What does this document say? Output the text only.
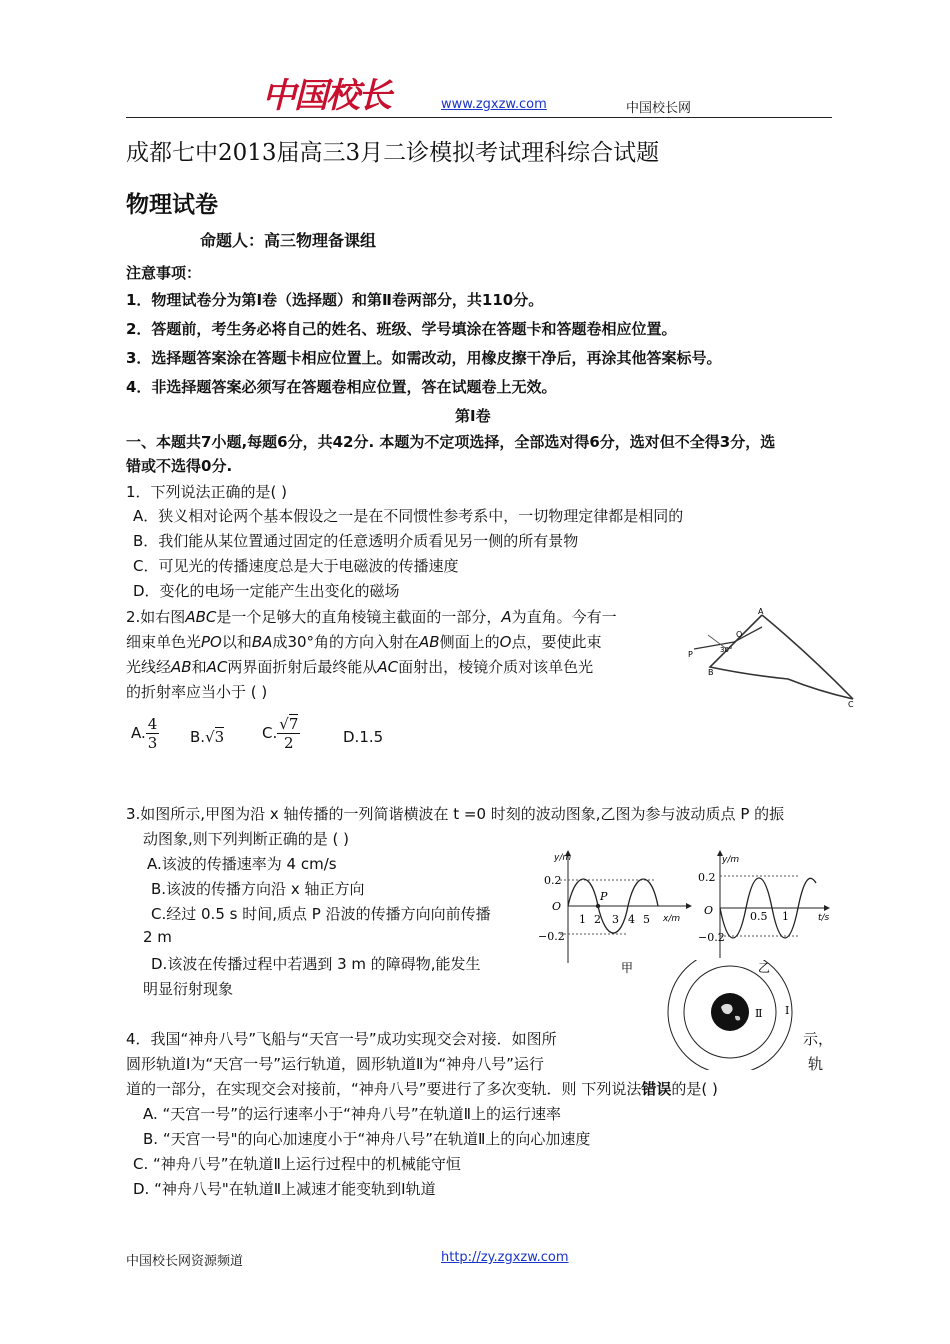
中国校长	www.zgxzw.com	中国校长网
成都七中2013届高三3月二诊模拟考试理科综合试题
物理试卷
命题人：高三物理备课组
注意事项：
1．物理试卷分为第Ⅰ卷（选择题）和第Ⅱ卷两部分，共110分。
2．答题前，考生务必将自己的姓名、班级、学号填涂在答题卡和答题卷相应位置。
3．选择题答案涂在答题卡相应位置上。如需改动，用橡皮擦干净后，再涂其他答案标号。
4．非选择题答案必须写在答题卷相应位置，答在试题卷上无效。
第Ⅰ卷
一、本题共7小题,每题6分，共42分. 本题为不定项选择，全部选对得6分，选对但不全得3分，选
错或不选得0分.
1．下列说法正确的是( )
A．狭义相对论两个基本假设之一是在不同惯性参考系中，一切物理定律都是相同的
B．我们能从某位置通过固定的任意透明介质看见另一侧的所有景物
C．可见光的传播速度总是大于电磁波的传播速度
D．变化的电场一定能产生出变化的磁场
2.如右图ABC是一个足够大的直角棱镜主截面的一部分，A为直角。今有一
细束单色光PO以和BA成30°角的方向入射在AB侧面上的O点，要使此束
光线经AB和AC两界面折射后最终能从AC面射出，棱镜介质对该单色光
的折射率应当小于 ( )
A. $\frac{4}{3} B.√3$	C. $\frac{√7}{2}$	D.1.5
A
O
P	30°
B
C
3.如图所示,甲图为沿 x 轴传播的一列简谐横波在 t =0 时刻的波动图象,乙图为参与波动质点 P 的振
动图象,则下列判断正确的是 ( )
A.该波的传播速率为 4 cm/s
B.该波的传播方向沿 x 轴正方向
C.经过 0.5 s 时间,质点 P 沿波的传播方向向前传播
2 m
D.该波在传播过程中若遇到 3 m 的障碍物,能发生
明显衍射现象
y/m
x/m
O
0.2
−0.2
1 2 3 4 5
P
甲
y/m
t/s
O
0.2
−0.2
0.5 1
乙
Ⅱ Ⅰ
4．我国“神舟八号”飞船与“天宫一号”成功实现交会对接．如图所	示，
圆形轨道Ⅰ为“天宫一号”运行轨道，圆形轨道Ⅱ为“神舟八号”运行	轨
道的一部分，在实现交会对接前，“神舟八号”要进行了多次变轨．则 下列说法错误的是( )
A. “天宫一号”的运行速率小于“神舟八号”在轨道Ⅱ上的运行速率
B. “天宫一号"的向心加速度小于“神舟八号”在轨道Ⅱ上的向心加速度
C. “神舟八号”在轨道Ⅱ上运行过程中的机械能守恒
D. “神舟八号"在轨道Ⅱ上减速才能变轨到Ⅰ轨道
中国校长网资源频道	http://zy.zgxzw.com
